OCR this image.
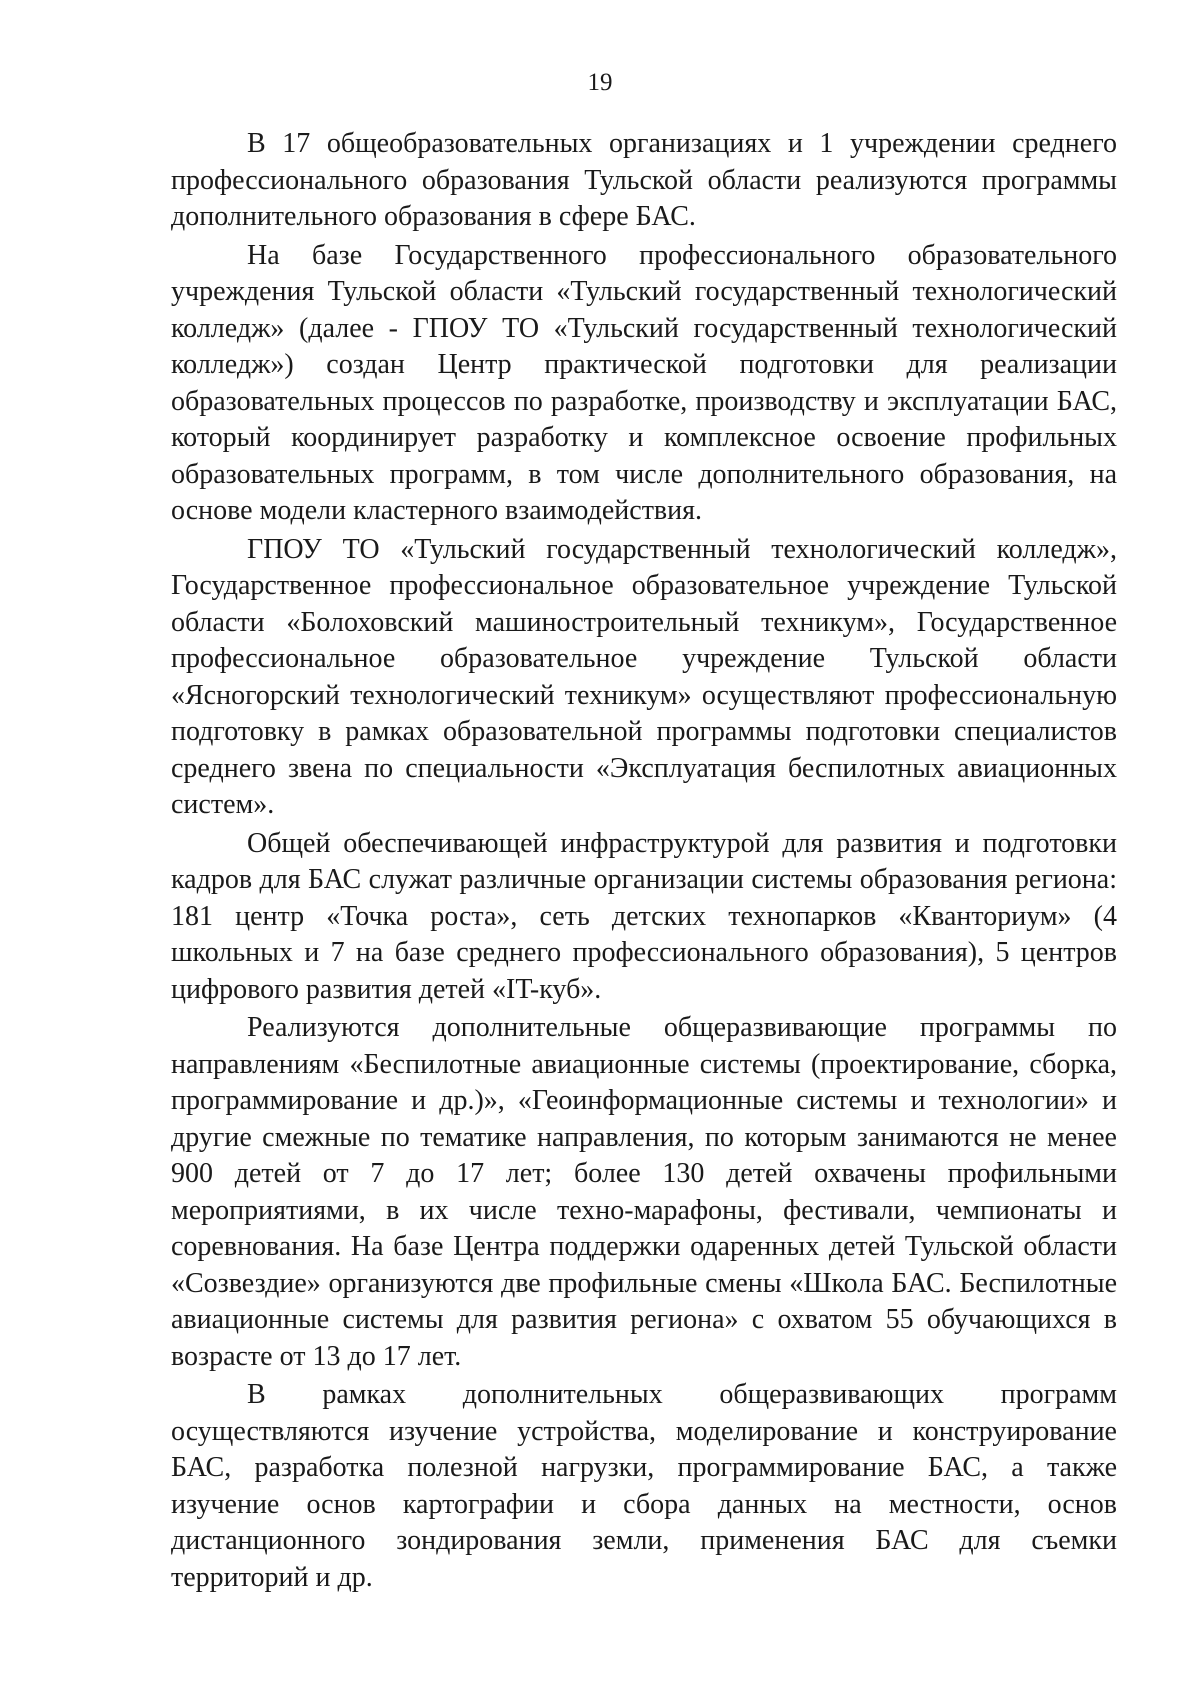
19

В 17 общеобразовательных организациях и 1 учреждении среднего профессионального образования Тульской области реализуются программы дополнительного образования в сфере БАС.

На базе Государственного профессионального образовательного учреждения Тульской области «Тульский государственный технологический колледж» (далее - ГПОУ ТО «Тульский государственный технологический колледж») создан Центр практической подготовки для реализации образовательных процессов по разработке, производству и эксплуатации БАС, который координирует разработку и комплексное освоение профильных образовательных программ, в том числе дополнительного образования, на основе модели кластерного взаимодействия.

ГПОУ ТО «Тульский государственный технологический колледж», Государственное профессиональное образовательное учреждение Тульской области «Болоховский машиностроительный техникум», Государственное профессиональное образовательное учреждение Тульской области «Ясногорский технологический техникум» осуществляют профессиональную подготовку в рамках образовательной программы подготовки специалистов среднего звена по специальности «Эксплуатация беспилотных авиационных систем».

Общей обеспечивающей инфраструктурой для развития и подготовки кадров для БАС служат различные организации системы образования региона: 181 центр «Точка роста», сеть детских технопарков «Кванториум» (4 школьных и 7 на базе среднего профессионального образования), 5 центров цифрового развития детей «IT-куб».

Реализуются дополнительные общеразвивающие программы по направлениям «Беспилотные авиационные системы (проектирование, сборка, программирование и др.)», «Геоинформационные системы и технологии» и другие смежные по тематике направления, по которым занимаются не менее 900 детей от 7 до 17 лет; более 130 детей охвачены профильными мероприятиями, в их числе техно-марафоны, фестивали, чемпионаты и соревнования. На базе Центра поддержки одаренных детей Тульской области «Созвездие» организуются две профильные смены «Школа БАС. Беспилотные авиационные системы для развития региона» с охватом 55 обучающихся в возрасте от 13 до 17 лет.

В рамках дополнительных общеразвивающих программ осуществляются изучение устройства, моделирование и конструирование БАС, разработка полезной нагрузки, программирование БАС, а также изучение основ картографии и сбора данных на местности, основ дистанционного зондирования земли, применения БАС для съемки территорий и др.
